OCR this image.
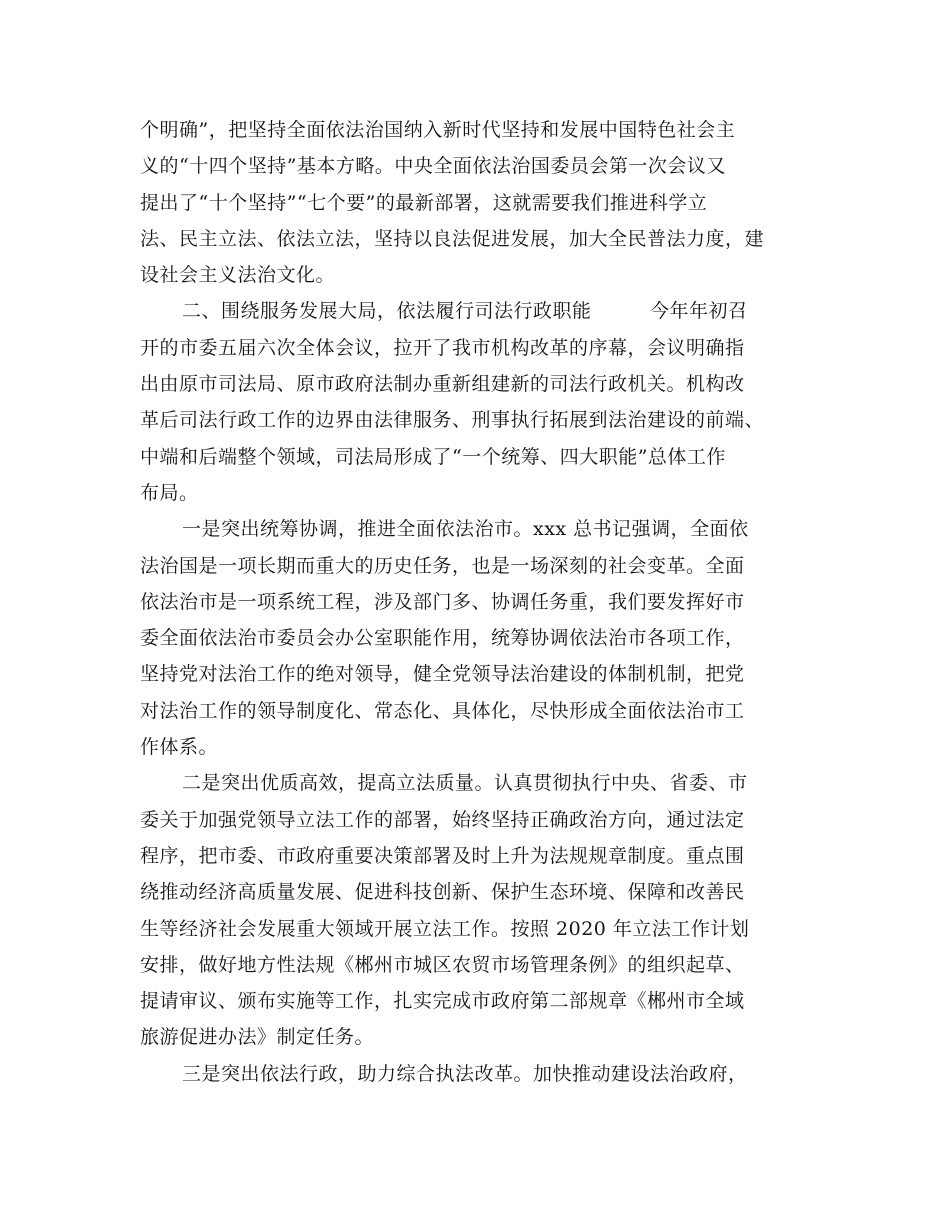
个明确”，把坚持全面依法治国纳入新时代坚持和发展中国特色社会主
义的“十四个坚持”基本方略。中央全面依法治国委员会第一次会议又
提出了“十个坚持”“七个要”的最新部署，这就需要我们推进科学立
法、民主立法、依法立法，坚持以良法促进发展，加大全民普法力度，建
设社会主义法治文化。
二、围绕服务发展大局，依法履行司法行政职能　　　今年年初召
开的市委五届六次全体会议，拉开了我市机构改革的序幕，会议明确指
出由原市司法局、原市政府法制办重新组建新的司法行政机关。机构改
革后司法行政工作的边界由法律服务、刑事执行拓展到法治建设的前端、
中端和后端整个领域，司法局形成了“一个统筹、四大职能”总体工作
布局。
一是突出统筹协调，推进全面依法治市。xxx 总书记强调，全面依
法治国是一项长期而重大的历史任务，也是一场深刻的社会变革。全面
依法治市是一项系统工程，涉及部门多、协调任务重，我们要发挥好市
委全面依法治市委员会办公室职能作用，统筹协调依法治市各项工作，
坚持党对法治工作的绝对领导，健全党领导法治建设的体制机制，把党
对法治工作的领导制度化、常态化、具体化，尽快形成全面依法治市工
作体系。
二是突出优质高效，提高立法质量。认真贯彻执行中央、省委、市
委关于加强党领导立法工作的部署，始终坚持正确政治方向，通过法定
程序，把市委、市政府重要决策部署及时上升为法规规章制度。重点围
绕推动经济高质量发展、促进科技创新、保护生态环境、保障和改善民
生等经济社会发展重大领域开展立法工作。按照 2020 年立法工作计划
安排，做好地方性法规《郴州市城区农贸市场管理条例》的组织起草、
提请审议、颁布实施等工作，扎实完成市政府第二部规章《郴州市全域
旅游促进办法》制定任务。
三是突出依法行政，助力综合执法改革。加快推动建设法治政府，
